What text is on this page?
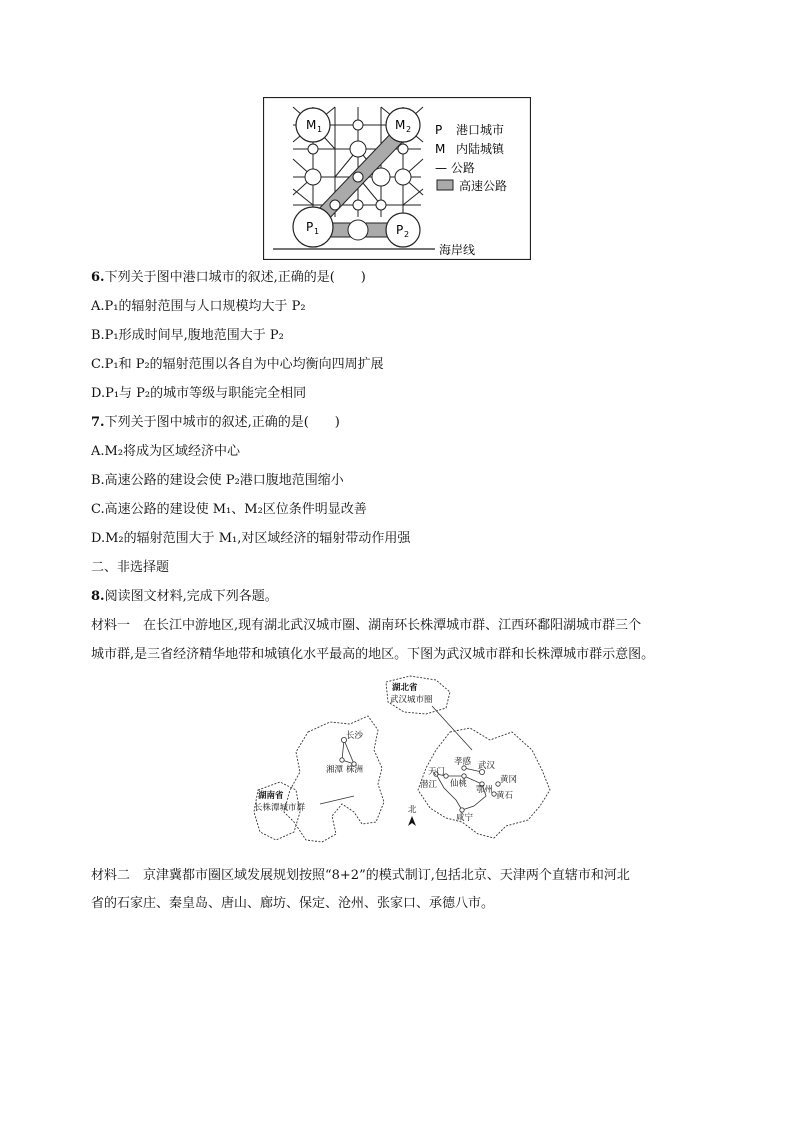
M 1	M 2
P 1	P 2
P 港口城市
M 内陆城镇
— 公路
高速公路
海岸线
6.下列关于图中港口城市的叙述,正确的是(　　)
A.P₁的辐射范围与人口规模均大于 P₂
B.P₁形成时间早,腹地范围大于 P₂
C.P₁和 P₂的辐射范围以各自为中心均衡向四周扩展
D.P₁与 P₂的城市等级与职能完全相同
7.下列关于图中城市的叙述,正确的是(　　)
A.M₂将成为区域经济中心
B.高速公路的建设会使 P₂港口腹地范围缩小
C.高速公路的建设使 M₁、M₂区位条件明显改善
D.M₂的辐射范围大于 M₁,对区域经济的辐射带动作用强
二、非选择题
8.阅读图文材料,完成下列各题。
材料一　在长江中游地区,现有湖北武汉城市圈、湖南环长株潭城市群、江西环鄱阳湖城市群三个
城市群,是三省经济精华地带和城镇化水平最高的地区。下图为武汉城市群和长株潭城市群示意图。
湖北省
武汉城市圈
湖南省
长株潭城市群
长沙
湘潭 株洲
孝感 武汉
天门
潜江 仙桃
鄂州
黄冈
黄石
咸宁
北
材料二　京津冀都市圈区域发展规划按照“8+2”的模式制订,包括北京、天津两个直辖市和河北
省的石家庄、秦皇岛、唐山、廊坊、保定、沧州、张家口、承德八市。
